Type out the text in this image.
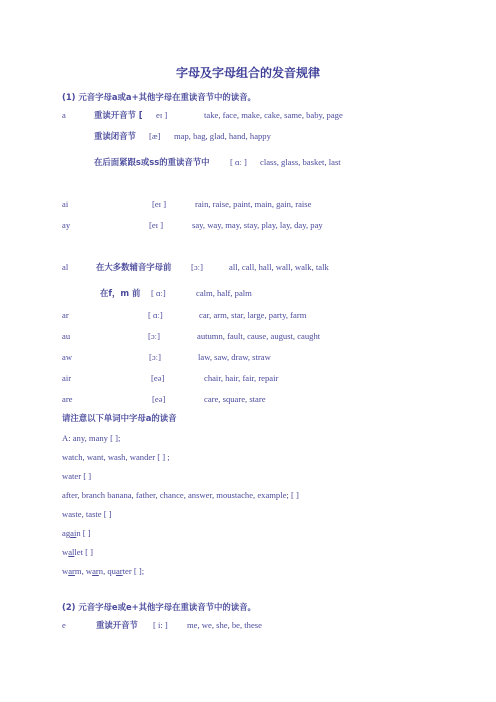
字母及字母组合的发音规律
(1) 元音字母a或a+其他字母在重读音节中的读音。
a	重读开音节 [ eɪ ]	take, face, make, cake, same, baby, page
重读闭音节 [æ] map, bag, glad, hand, happy
在后面紧跟s或ss的重读音节中 [ ɑː ] class, glass, basket, last
ai	[eɪ ]	rain, raise, paint, main, gain, raise
ay	[eɪ ]	say, way, may, stay, play, lay, day, pay
al	在大多数辅音字母前 [ɔː]	all, call, hall, wall, walk, talk
在f，m 前 [ ɑː]	calm, half, palm
ar	[ ɑː]	car, arm, star, large, party, farm
au	[ɔː]	autumn, fault, cause, august, caught
aw	[ɔː]	law, saw, draw, straw
air	[eə]	chair, hair, fair, repair
are	[eə]	care, square, stare
请注意以下单词中字母a的读音
A: any, many [ ];
watch, want, wash, wander [ ] ;
water [ ]
after, branch banana, father, chance, answer, moustache, example; [ ]
waste, taste [ ]
again [ ]
wallet [ ]
warm, warn, quarter [ ];
(2) 元音字母e或e+其他字母在重读音节中的读音。
e	重读开音节 [ i: ] me, we, she, be, these
